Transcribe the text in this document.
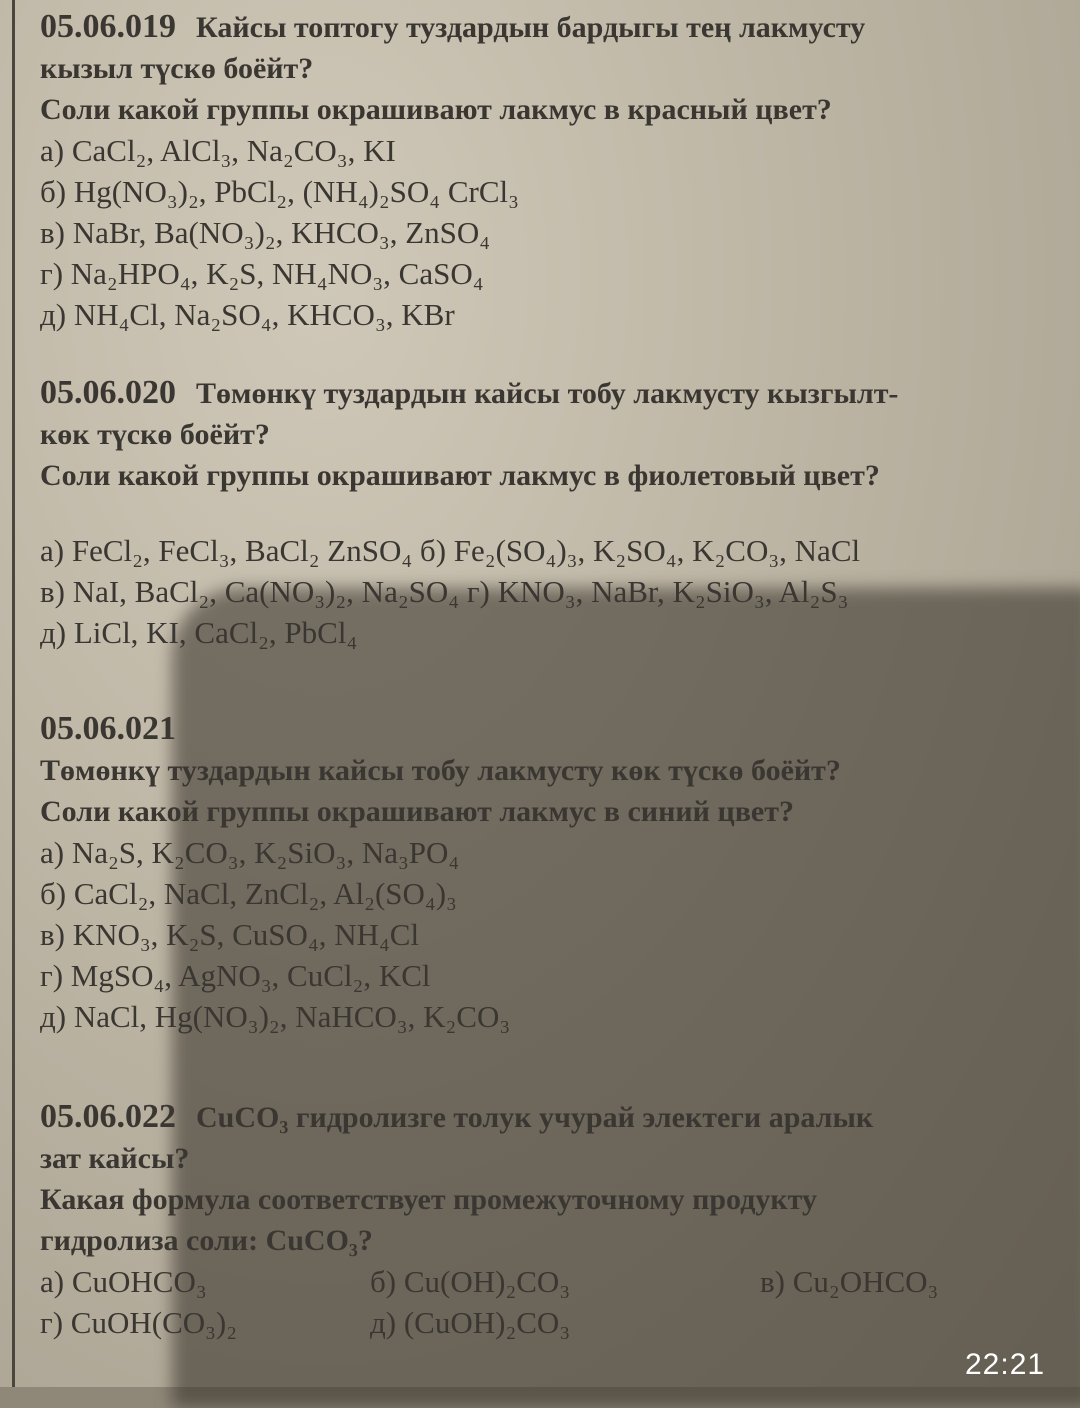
05.06.019 Кайсы топтогу туздардын бардыгы тең лакмусту
кызыл түскө боёйт?
Соли какой группы окрашивают лакмус в красный цвет?
а) CaCl₂, AlCl₃, Na₂CO₃, KI
б) Hg(NO₃)₂, PbCl₂, (NH₄)₂SO₄ CrCl₃
в) NaBr, Ba(NO₃)₂, KHCO₃, ZnSO₄
г) Na₂HPO₄, K₂S, NH₄NO₃, CaSO₄
д) NH₄Cl, Na₂SO₄, KHCO₃, KBr
05.06.020 Төмөнкү туздардын кайсы тобу лакмусту кызгылт-
көк түскө боёйт?
Соли какой группы окрашивают лакмус в фиолетовый цвет?
а) FeCl₂, FeCl₃, BaCl₂ ZnSO₄ б) Fe₂(SO₄)₃, K₂SO₄, K₂CO₃, NaCl
в) NaI, BaCl₂, Ca(NO₃)₂, Na₂SO₄ г) KNO₃, NaBr, K₂SiO₃, Al₂S₃
д) LiCl, KI, CaCl₂, PbCl₄
05.06.021
Төмөнкү туздардын кайсы тобу лакмусту көк түскө боёйт?
Соли какой группы окрашивают лакмус в синий цвет?
а) Na₂S, K₂CO₃, K₂SiO₃, Na₃PO₄
б) CaCl₂, NaCl, ZnCl₂, Al₂(SO₄)₃
в) KNO₃, K₂S, CuSO₄, NH₄Cl
г) MgSO₄, AgNO₃, CuCl₂, KCl
д) NaCl, Hg(NO₃)₂, NaHCO₃, K₂CO₃
05.06.022 CuCO₃ гидролизге толук учурай электеги аралык
зат кайсы?
Какая формула соответствует промежуточному продукту
гидролиза соли: CuCO₃?
а) CuOHCO₃	б) Cu(OH)₂CO₃	в) Cu₂OHCO₃
г) CuOH(CO₃)₂	д) (CuOH)₂CO₃
22:21
